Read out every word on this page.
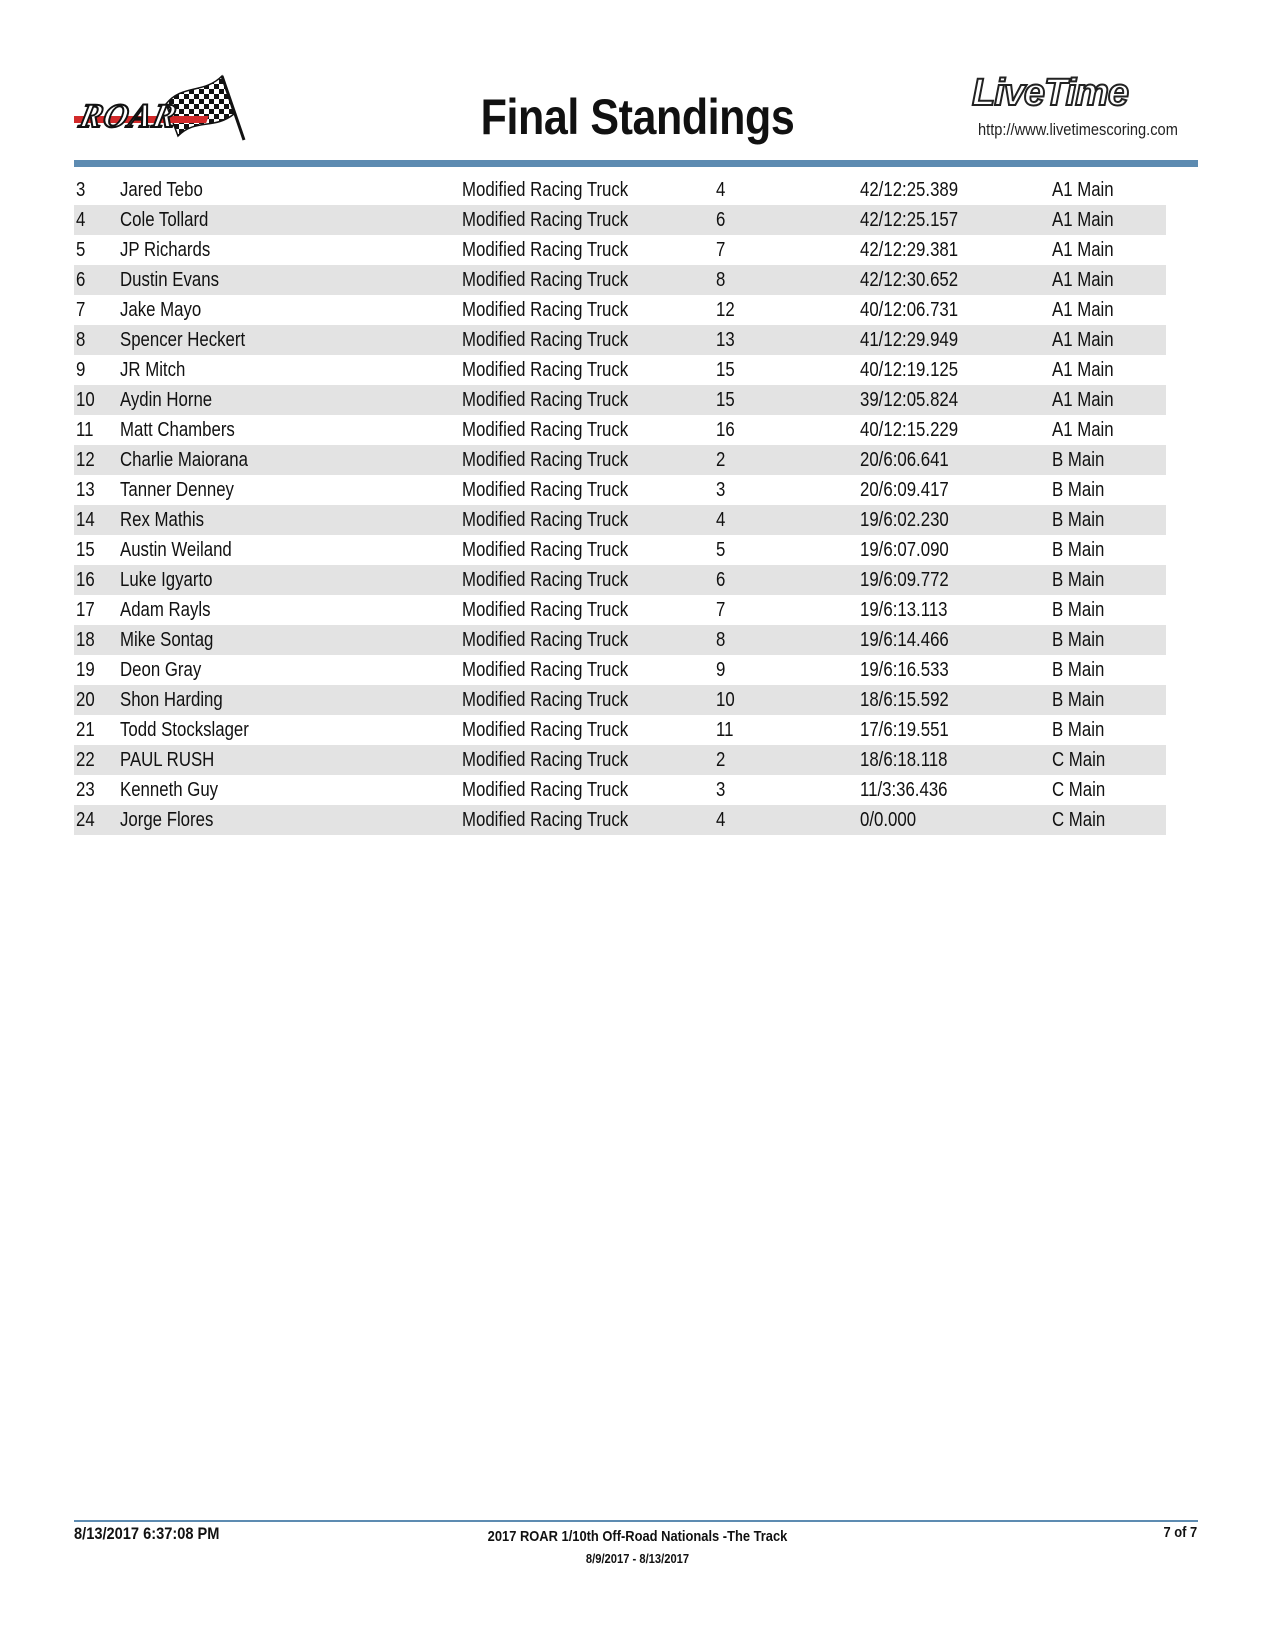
ROAR	Final Standings	LiveTime
http://www.livetimescoring.com
3 Jared Tebo	Modified Racing Truck	4	42/12:25.389	A1 Main
4 Cole Tollard	Modified Racing Truck	6	42/12:25.157	A1 Main
5 JP Richards	Modified Racing Truck	7	42/12:29.381	A1 Main
6 Dustin Evans	Modified Racing Truck	8	42/12:30.652	A1 Main
7 Jake Mayo	Modified Racing Truck	12	40/12:06.731	A1 Main
8 Spencer Heckert	Modified Racing Truck	13	41/12:29.949	A1 Main
9 JR Mitch	Modified Racing Truck	15	40/12:19.125	A1 Main
10 Aydin Horne	Modified Racing Truck	15	39/12:05.824	A1 Main
11 Matt Chambers	Modified Racing Truck	16	40/12:15.229	A1 Main
12 Charlie Maiorana	Modified Racing Truck	2	20/6:06.641	B Main
13 Tanner Denney	Modified Racing Truck	3	20/6:09.417	B Main
14 Rex Mathis	Modified Racing Truck	4	19/6:02.230	B Main
15 Austin Weiland	Modified Racing Truck	5	19/6:07.090	B Main
16 Luke Igyarto	Modified Racing Truck	6	19/6:09.772	B Main
17 Adam Rayls	Modified Racing Truck	7	19/6:13.113	B Main
18 Mike Sontag	Modified Racing Truck	8	19/6:14.466	B Main
19 Deon Gray	Modified Racing Truck	9	19/6:16.533	B Main
20 Shon Harding	Modified Racing Truck	10	18/6:15.592	B Main
21 Todd Stockslager	Modified Racing Truck	11	17/6:19.551	B Main
22 PAUL RUSH	Modified Racing Truck	2	18/6:18.118	C Main
23 Kenneth Guy	Modified Racing Truck	3	11/3:36.436	C Main
24 Jorge Flores	Modified Racing Truck	4	0/0.000	C Main
8/13/2017 6:37:08 PM	2017 ROAR 1/10th Off-Road Nationals -The Track
8/9/2017 - 8/13/2017
7 of 7
